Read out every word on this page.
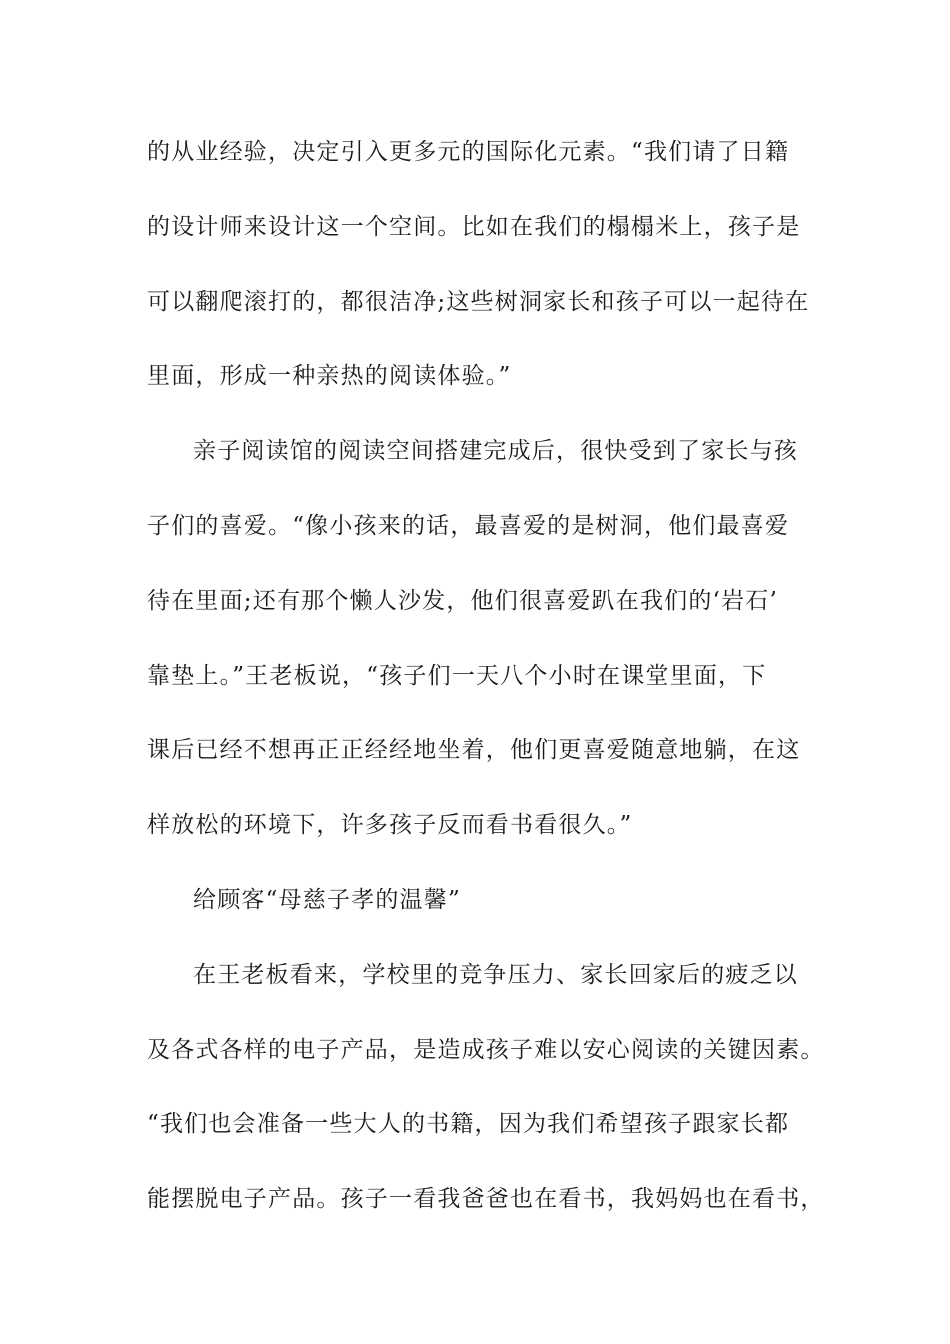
的从业经验，决定引入更多元的国际化元素。“我们请了日籍
的设计师来设计这一个空间。比如在我们的榻榻米上，孩子是
可以翻爬滚打的，都很洁净;这些树洞家长和孩子可以一起待在
里面，形成一种亲热的阅读体验。”
亲子阅读馆的阅读空间搭建完成后，很快受到了家长与孩
子们的喜爱。“像小孩来的话，最喜爱的是树洞，他们最喜爱
待在里面;还有那个懒人沙发，他们很喜爱趴在我们的‘岩石’
靠垫上。”王老板说，“孩子们一天八个小时在课堂里面，下
课后已经不想再正正经经地坐着，他们更喜爱随意地躺，在这
样放松的环境下，许多孩子反而看书看很久。”
给顾客“母慈子孝的温馨”
在王老板看来，学校里的竞争压力、家长回家后的疲乏以
及各式各样的电子产品，是造成孩子难以安心阅读的关键因素。
“我们也会准备一些大人的书籍，因为我们希望孩子跟家长都
能摆脱电子产品。孩子一看我爸爸也在看书，我妈妈也在看书，
